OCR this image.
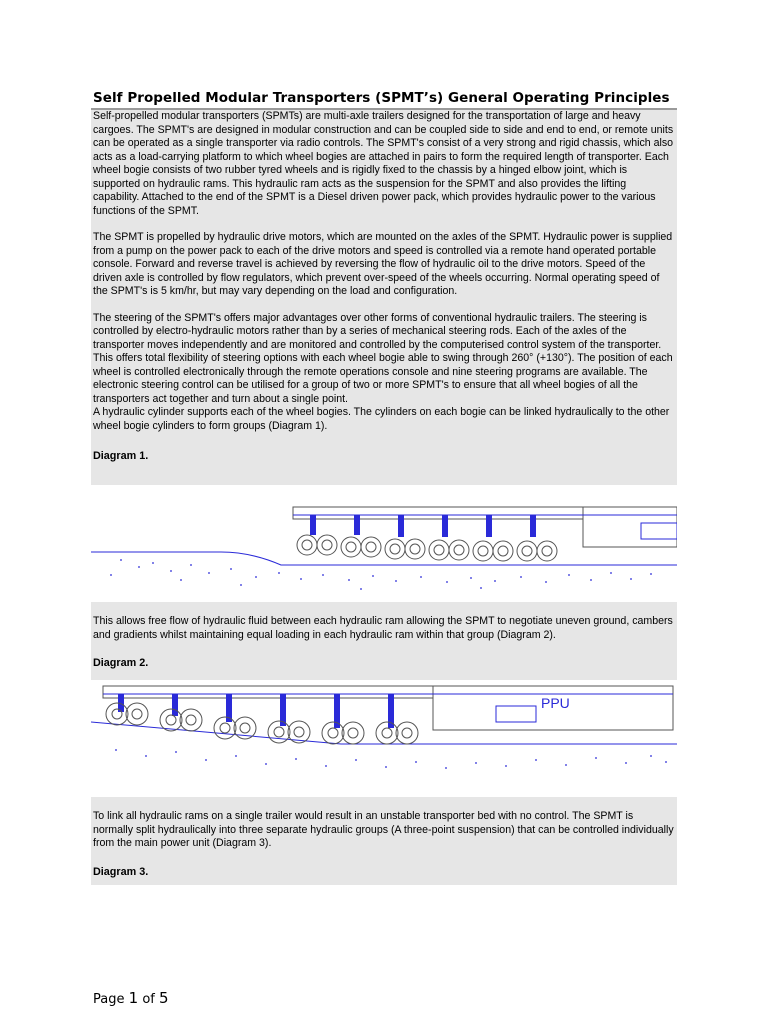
Self Propelled Modular Transporters (SPMT’s) General Operating Principles

Self-propelled modular transporters (SPMTs) are multi-axle trailers designed for the transportation of large and heavy cargoes. The SPMT's are designed in modular construction and can be coupled side to side and end to end, or remote units can be operated as a single transporter via radio controls. The SPMT's consist of a very strong and rigid chassis, which also acts as a load-carrying platform to which wheel bogies are attached in pairs to form the required length of transporter. Each wheel bogie consists of two rubber tyred wheels and is rigidly fixed to the chassis by a hinged elbow joint, which is supported on hydraulic rams. This hydraulic ram acts as the suspension for the SPMT and also provides the lifting capability. Attached to the end of the SPMT is a Diesel driven power pack, which provides hydraulic power to the various functions of the SPMT.

The SPMT is propelled by hydraulic drive motors, which are mounted on the axles of the SPMT. Hydraulic power is supplied from a pump on the power pack to each of the drive motors and speed is controlled via a remote hand operated portable console. Forward and reverse travel is achieved by reversing the flow of hydraulic oil to the drive motors. Speed of the driven axle is controlled by flow regulators, which prevent over-speed of the wheels occurring. Normal operating speed of the SPMT's is 5 km/hr, but may vary depending on the load and configuration.

The steering of the SPMT's offers major advantages over other forms of conventional hydraulic trailers. The steering is controlled by electro-hydraulic motors rather than by a series of mechanical steering rods. Each of the axles of the transporter moves independently and are monitored and controlled by the computerised control system of the transporter. This offers total flexibility of steering options with each wheel bogie able to swing through 260° (+130°). The position of each wheel is controlled electronically through the remote operations console and nine steering programs are available. The electronic steering control can be utilised for a group of two or more SPMT's to ensure that all wheel bogies of all the transporters act together and turn about a single point.

A hydraulic cylinder supports each of the wheel bogies. The cylinders on each bogie can be linked hydraulically to the other wheel bogie cylinders to form groups (Diagram 1).

Diagram 1.

This allows free flow of hydraulic fluid between each hydraulic ram allowing the SPMT to negotiate uneven ground, cambers and gradients whilst maintaining equal loading in each hydraulic ram within that group (Diagram 2).

Diagram 2.

PPU

To link all hydraulic rams on a single trailer would result in an unstable transporter bed with no control. The SPMT is normally split hydraulically into three separate hydraulic groups (A three-point suspension) that can be controlled individually from the main power unit (Diagram 3).

Diagram 3.

Page 1 of 5
